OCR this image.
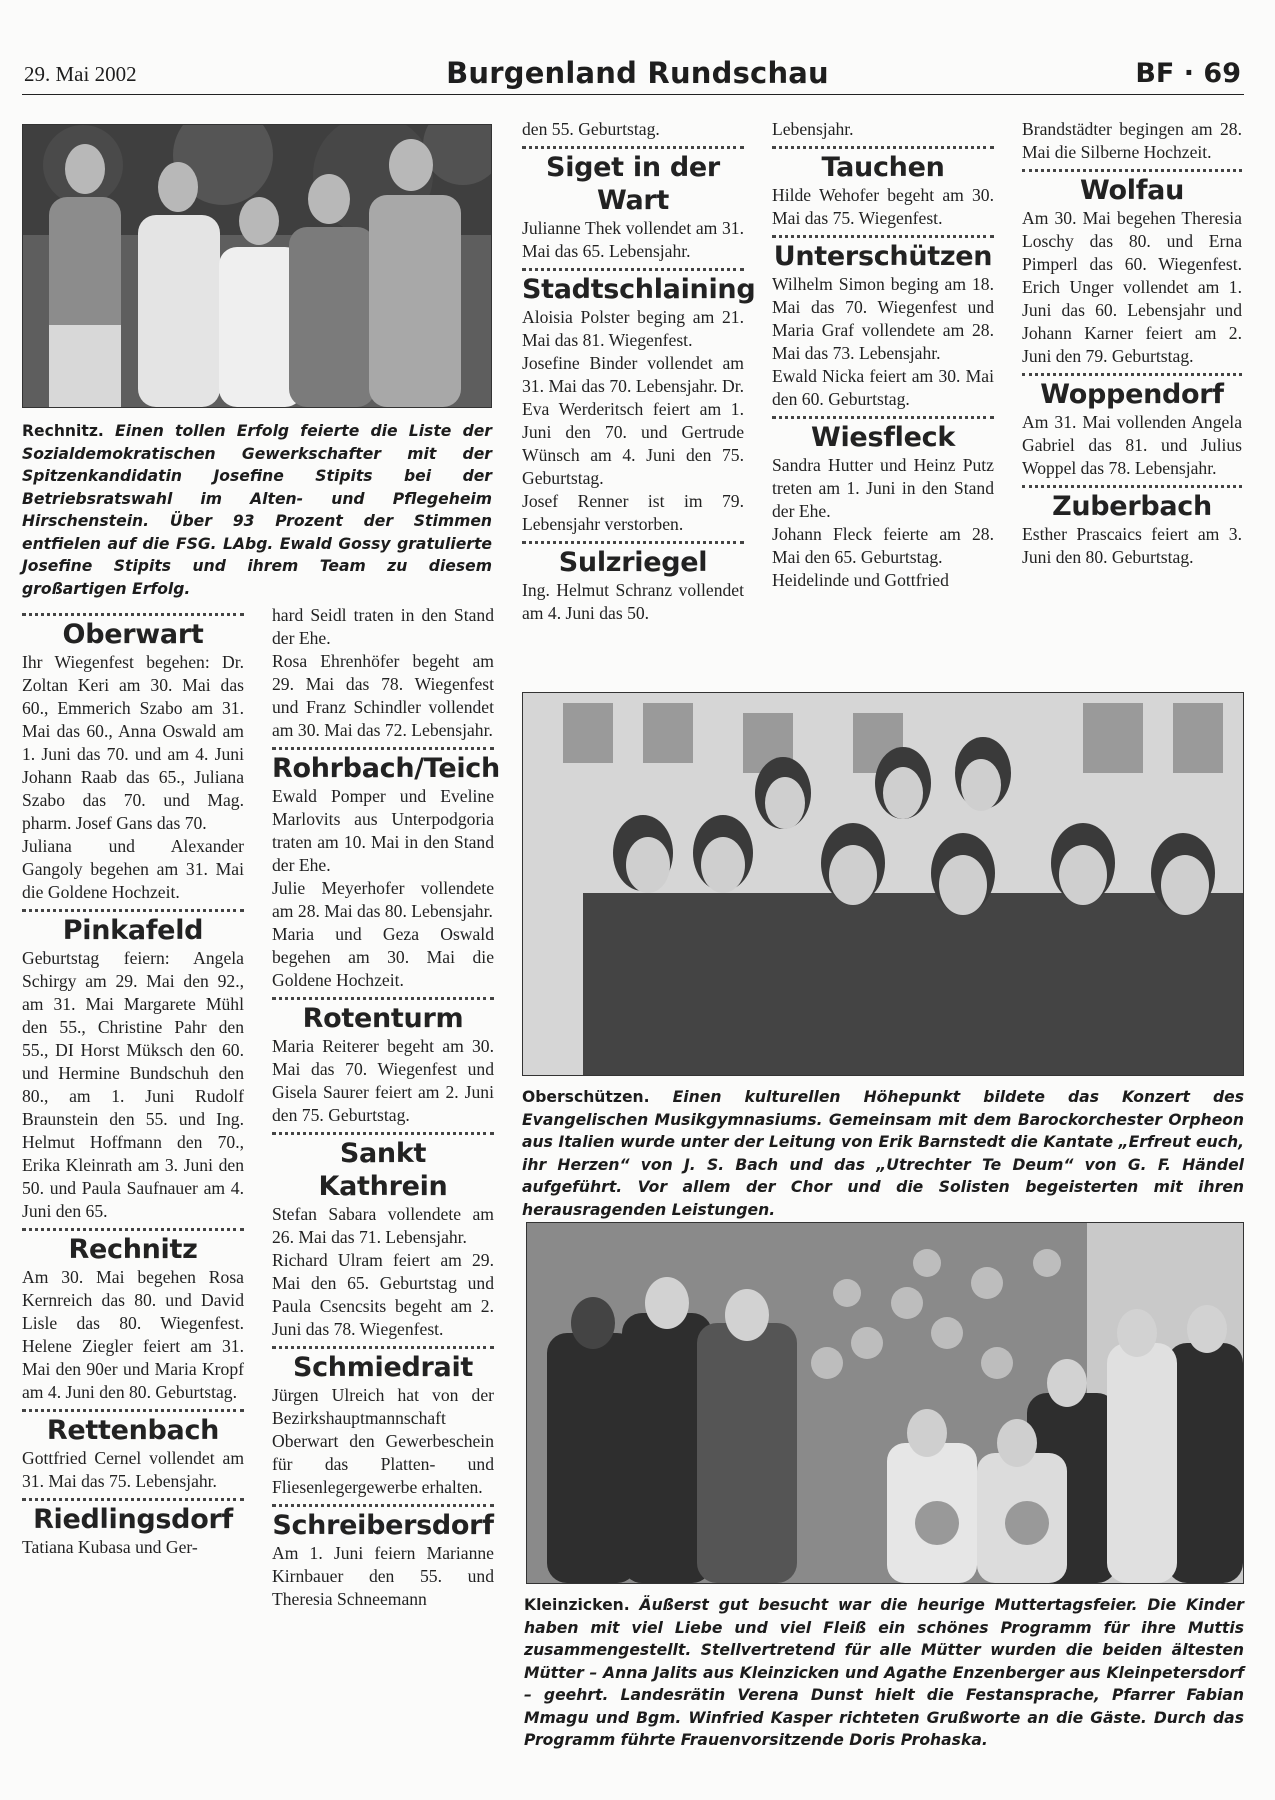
29. Mai 2002	Burgenland Rundschau	BF · 69
Rechnitz. Einen tollen Erfolg feierte die Liste der Sozialdemokratischen Gewerkschafter mit der Spitzenkandidatin Josefine Stipits bei der Betriebsratswahl im Alten- und Pflegeheim Hirschenstein. Über 93 Prozent der Stimmen entfielen auf die FSG. LAbg. Ewald Gossy gratulierte Josefine Stipits und ihrem Team zu diesem großartigen Erfolg.
Oberwart

Ihr Wiegenfest begehen: Dr. Zoltan Keri am 30. Mai das 60., Emmerich Szabo am 31. Mai das 60., Anna Oswald am 1. Juni das 70. und am 4. Juni Johann Raab das 65., Juliana Szabo das 70. und Mag. pharm. Josef Gans das 70.

Juliana und Alexander Gangoly begehen am 31. Mai die Goldene Hochzeit.

Pinkafeld

Geburtstag feiern: Angela Schirgy am 29. Mai den 92., am 31. Mai Margarete Mühl den 55., Christine Pahr den 55., DI Horst Müksch den 60. und Hermine Bundschuh den 80., am 1. Juni Rudolf Braunstein den 55. und Ing. Helmut Hoffmann den 70., Erika Kleinrath am 3. Juni den 50. und Paula Saufnauer am 4. Juni den 65.

Rechnitz

Am 30. Mai begehen Rosa Kernreich das 80. und David Lisle das 80. Wiegenfest. Helene Ziegler feiert am 31. Mai den 90er und Maria Kropf am 4. Juni den 80. Geburtstag.

Rettenbach

Gottfried Cernel vollendet am 31. Mai das 75. Lebensjahr.

Riedlingsdorf

Tatiana Kubasa und Ger-

hard Seidl traten in den Stand der Ehe.

Rosa Ehrenhöfer begeht am 29. Mai das 78. Wiegenfest und Franz Schindler vollendet am 30. Mai das 72. Lebensjahr.

Rohrbach/Teich

Ewald Pomper und Eveline Marlovits aus Unterpodgoria traten am 10. Mai in den Stand der Ehe.

Julie Meyerhofer vollendete am 28. Mai das 80. Lebensjahr.

Maria und Geza Oswald begehen am 30. Mai die Goldene Hochzeit.

Rotenturm

Maria Reiterer begeht am 30. Mai das 70. Wiegenfest und Gisela Saurer feiert am 2. Juni den 75. Geburtstag.

Sankt Kathrein

Stefan Sabara vollendete am 26. Mai das 71. Lebensjahr.

Richard Ulram feiert am 29. Mai den 65. Geburtstag und Paula Csencsits begeht am 2. Juni das 78. Wiegenfest.

Schmiedrait

Jürgen Ulreich hat von der Bezirkshauptmannschaft Oberwart den Gewerbeschein für das Platten- und Fliesenlegergewerbe erhalten.

Schreibersdorf

Am 1. Juni feiern Marianne Kirnbauer den 55. und Theresia Schneemann

den 55. Geburtstag.

Siget in der Wart

Julianne Thek vollendet am 31. Mai das 65. Lebensjahr.

Stadtschlaining

Aloisia Polster beging am 21. Mai das 81. Wiegenfest.

Josefine Binder vollendet am 31. Mai das 70. Lebensjahr. Dr. Eva Werderitsch feiert am 1. Juni den 70. und Gertrude Wünsch am 4. Juni den 75. Geburtstag.

Josef Renner ist im 79. Lebensjahr verstorben.

Sulzriegel

Ing. Helmut Schranz vollendet am 4. Juni das 50.

Lebensjahr.

Tauchen

Hilde Wehofer begeht am 30. Mai das 75. Wiegenfest.

Unterschützen

Wilhelm Simon beging am 18. Mai das 70. Wiegenfest und Maria Graf vollendete am 28. Mai das 73. Lebensjahr.

Ewald Nicka feiert am 30. Mai den 60. Geburtstag.

Wiesfleck

Sandra Hutter und Heinz Putz treten am 1. Juni in den Stand der Ehe.

Johann Fleck feierte am 28. Mai den 65. Geburtstag.

Heidelinde und Gottfried

Brandstädter begingen am 28. Mai die Silberne Hochzeit.

Wolfau

Am 30. Mai begehen Theresia Loschy das 80. und Erna Pimperl das 60. Wiegenfest. Erich Unger vollendet am 1. Juni das 60. Lebensjahr und Johann Karner feiert am 2. Juni den 79. Geburtstag.

Woppendorf

Am 31. Mai vollenden Angela Gabriel das 81. und Julius Woppel das 78. Lebensjahr.

Zuberbach

Esther Prascaics feiert am 3. Juni den 80. Geburtstag.

Oberschützen. Einen kulturellen Höhepunkt bildete das Konzert des Evangelischen Musikgymnasiums. Gemeinsam mit dem Barockorchester Orpheon aus Italien wurde unter der Leitung von Erik Barnstedt die Kantate „Erfreut euch, ihr Herzen“ von J. S. Bach und das „Utrechter Te Deum“ von G. F. Händel aufgeführt. Vor allem der Chor und die Solisten begeisterten mit ihren herausragenden Leistungen.
Kleinzicken. Äußerst gut besucht war die heurige Muttertagsfeier. Die Kinder haben mit viel Liebe und viel Fleiß ein schönes Programm für ihre Muttis zusammengestellt. Stellvertretend für alle Mütter wurden die beiden ältesten Mütter – Anna Jalits aus Kleinzicken und Agathe Enzenberger aus Kleinpetersdorf – geehrt. Landesrätin Verena Dunst hielt die Festansprache, Pfarrer Fabian Mmagu und Bgm. Winfried Kasper richteten Grußworte an die Gäste. Durch das Programm führte Frauenvorsitzende Doris Prohaska.
